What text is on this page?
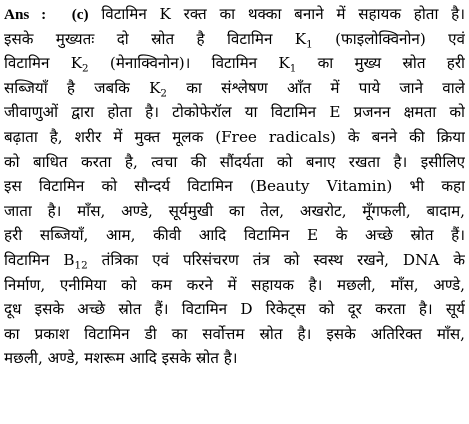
Ans : (c) विटामिन K रक्त का थक्का बनाने में सहायक होता है।
इसके मुख्यतः दो स्रोत है विटामिन $K_1$ (फाइलोक्विनोन) एवं
विटामिन $K_2$ (मेनाक्विनोन)। विटामिन $K_1$ का मुख्य स्रोत हरी
सब्जियाँ है जबकि $K_2$ का संश्लेषण आँत में पाये जाने वाले
जीवाणुओं द्वारा होता है। टोकोफेरॉल या विटामिन E प्रजनन क्षमता को
बढ़ाता है, शरीर में मुक्त मूलक (Free radicals) के बनने की क्रिया
को बाधित करता है, त्वचा की सौंदर्यता को बनाए रखता है। इसीलिए
इस विटामिन को सौन्दर्य विटामिन (Beauty Vitamin) भी कहा
जाता है। माँस, अण्डे, सूर्यमुखी का तेल, अखरोट, मूँगफली, बादाम,
हरी सब्जियाँ, आम, कीवी आदि विटामिन E के अच्छे स्रोत हैं।
विटामिन $B_{12}$ तंत्रिका एवं परिसंचरण तंत्र को स्वस्थ रखने, DNA के
निर्माण, एनीमिया को कम करने में सहायक है। मछली, माँस, अण्डे,
दूध इसके अच्छे स्रोत हैं। विटामिन D रिकेट्स को दूर करता है। सूर्य
का प्रकाश विटामिन डी का सर्वोत्तम स्रोत है। इसके अतिरिक्त माँस,
मछली, अण्डे, मशरूम आदि इसके स्रोत है।
